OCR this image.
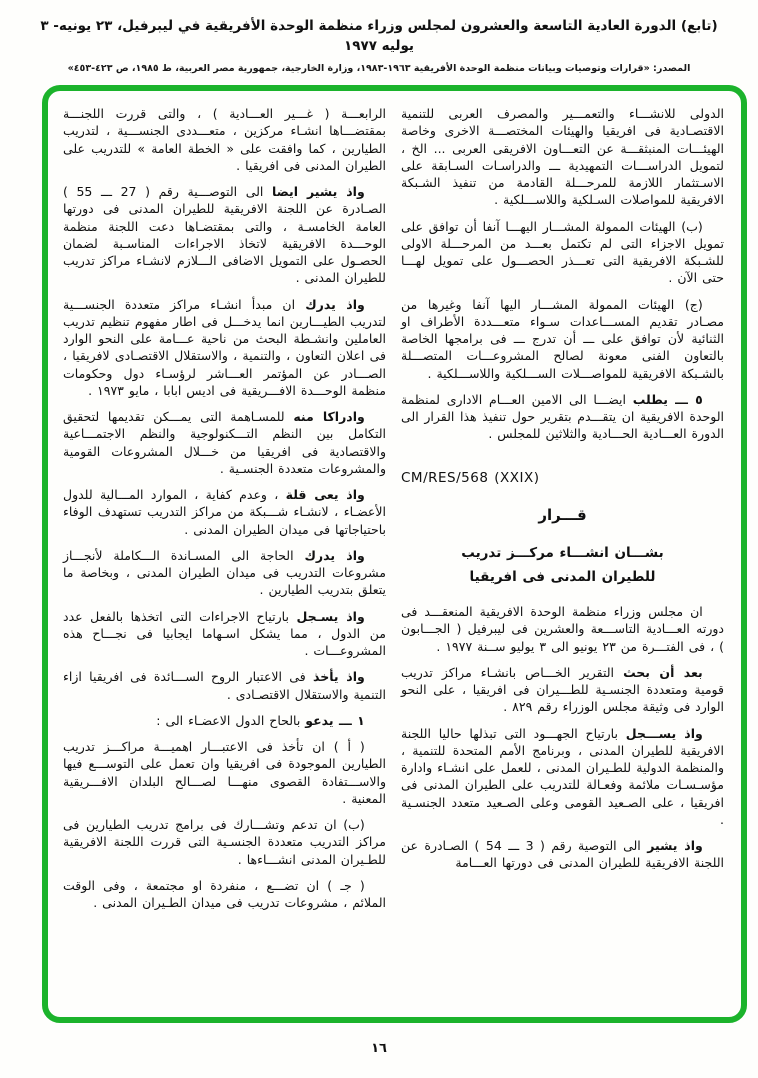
(تابع) الدورة العادية التاسعة والعشرون لمجلس وزراء منظمة الوحدة الأفريقية في ليبرفيل، ٢٣ يونيه- ٣ يوليه ١٩٧٧
المصدر: «قرارات وتوصيات وبيانات منظمة الوحدة الأفريقية ١٩٦٣-١٩٨٣، وزارة الخارجية، جمهورية مصر العربية، ط ١٩٨٥، ص ٤٢٣-٤٥٣»

الدولى للانشـــاء والتعمـــير والمصرف العربى للتنمية الاقتصـادية فى افريقيا والهيئات المختصـــة الاخرى وخاصة الهيئـــات المنبثقـــة عن التعـــاون الافريقى العربى ... الخ ، لتمويل الدراســـات التمهيدية ـــ والدراسـات السـابقة على الاسـتثمار اللازمة للمرحـــلة القادمة من تنفيذ الشـبكة الافريقية للمواصلات السـلكية واللاســـلكية .

(ب) الهيئات الممولة المشـــار اليهـــا آنفا أن توافق على تمويل الاجزاء التى لم تكتمل بعـــد من المرحـــلة الاولى للشـبكة الافريقية التى تعـــذر الحصـــول على تمويل لهـــا حتى الآن .

(ج) الهيئات الممولة المشـــار اليها آنفا وغيرها من مصـادر تقديم المســـاعدات سـواء متعـــددة الأطراف او الثنائية لأن توافق على ـــ أن تدرج ـــ فى برامجها الخاصة بالتعاون الفنى معونة لصالح المشروعـــات المتصـــلة بالشـبكة الافريقية للمواصـــلات الســـلكية واللاســـلكية .

٥ ـــ يطلب ايضـــا الى الامين العـــام الادارى لمنظمة الوحدة الافريقية ان يتقـــدم بتقرير حول تنفيذ هذا القرار الى الدورة العـــادية الحـــادية والثلاثين للمجلس .

CM/RES/568 (XXIX)

قـــرار

بشـــان انشـــاء مركـــز تدريب

للطيران المدنى فى افريقيا

ان مجلس وزراء منظمة الوحدة الافريقية المنعقـــد فى دورته العـــادية التاســـعة والعشرين فى ليبرفيل ( الجـــابون ) ، فى الفتـــرة من ٢٣ يونيو الى ٣ يوليو ســنة ١٩٧٧ .

بعد أن بحث التقرير الخـــاص بانشـاء مراكز تدريب قومية ومتعددة الجنسـية للطـــيران فى افريقيا ، على النحو الوارد فى وثيقة مجلس الوزراء رقم ٨٢٩ .

واذ يســـجل بارتياح الجهـــود التى تبذلها حاليا اللجنة الافريقية للطيران المدنى ، وبرنامج الأمم المتحدة للتنمية ، والمنظمة الدولية للطـيران المدنى ، للعمل على انشـاء وادارة مؤسـسـات ملائمة وفعـالة للتدريب على الطيران المدنى فى افريقيا ، على الصـعيد القومى وعلى الصـعيد متعدد الجنسـية .

واذ يشير الى التوصية رقم ( 3 ـــ 54 ) الصـادرة عن اللجنة الافريقية للطيران المدنى فى دورتها العـــامة

الرابعـــة ( غـــير العـــادية ) ، والتى قررت اللجنـــة بمقتضـــاها انشـاء مركزين ، متعـــددى الجنســـية ، لتدريب الطيارين ، كما وافقت على « الخطة العامة » للتدريب على الطيران المدنى فى افريقيا .

واذ يشير ايضا الى التوصـــية رقم ( 27 ـــ 55 ) الصـادرة عن اللجنة الافريقية للطيران المدنى فى دورتها العامة الخامسـة ، والتى بمقتضـاها دعت اللجنة منظمة الوحـــدة الافريقية لاتخاذ الاجراءات المناسـبة لضمان الحصـول على التمويل الاضافى الـــلازم لانشـاء مراكز تدريب للطيران المدنى .

واذ يدرك ان مبدأ انشـاء مراكز متعددة الجنســـية لتدريب الطيـــارين انما يدخـــل فى اطار مفهوم تنظيم تدريب العاملين وانشـطة البحث من ناحية عـــامة على النحو الوارد فى اعلان التعاون ، والتنمية ، والاستقلال الاقتصـادى لافريقيا ، الصـــادر عن المؤتمر العـــاشر لرؤسـاء دول وحكومات منظمة الوحـــدة الافـــريقية فى اديس ابابا ، مايو ١٩٧٣ .

وادراكا منه للمسـاهمة التى يمـــكن تقديمها لتحقيق التكامل بين النظم التـــكنولوجية والنظم الاجتمـــاعية والاقتصادية فى افريقيا من خـــلال المشروعات القومية والمشروعات متعددة الجنسـية .

واذ يعى قلة ، وعدم كفاية ، الموارد المـــالية للدول الأعضـاء ، لانشـاء شـــبكة من مراكز التدريب تستهدف الوفاء باحتياجاتها فى ميدان الطيران المدنى .

واذ يدرك الحاجة الى المسـاندة الـــكاملة لأنجـــاز مشروعات التدريب فى ميدان الطيران المدنى ، وبخاصة ما يتعلق بتدريب الطيارين .

واذ يسـجل بارتياح الاجراءات التى اتخذها بالفعل عدد من الدول ، مما يشكل اسـهاما ايجابيا فى نجـــاح هذه المشروعـــات .

واذ يأخذ فى الاعتبار الروح الســـائدة فى افريقيا ازاء التنمية والاستقلال الاقتصـادى .

١ ـــ يدعو بالحاح الدول الاعضـاء الى :

( أ ) ان تأخذ فى الاعتبـــار اهميـــة مراكـــز تدريب الطيارين الموجودة فى افريقيا وان تعمل على التوســـع فيها والاســـتفادة القصوى منهـــا لصـــالح البلدان الافـــريقية المعنية .

(ب) ان تدعم وتشـــارك فى برامج تدريب الطيارين فى مراكز التدريب متعددة الجنسـية التى قررت اللجنة الافريقية للطـيران المدنى انشـــاءها .

( جـ ) ان تضـــع ، منفردة او مجتمعة ، وفى الوقت الملائم ، مشروعات تدريب فى ميدان الطـيران المدنى .

١٦
